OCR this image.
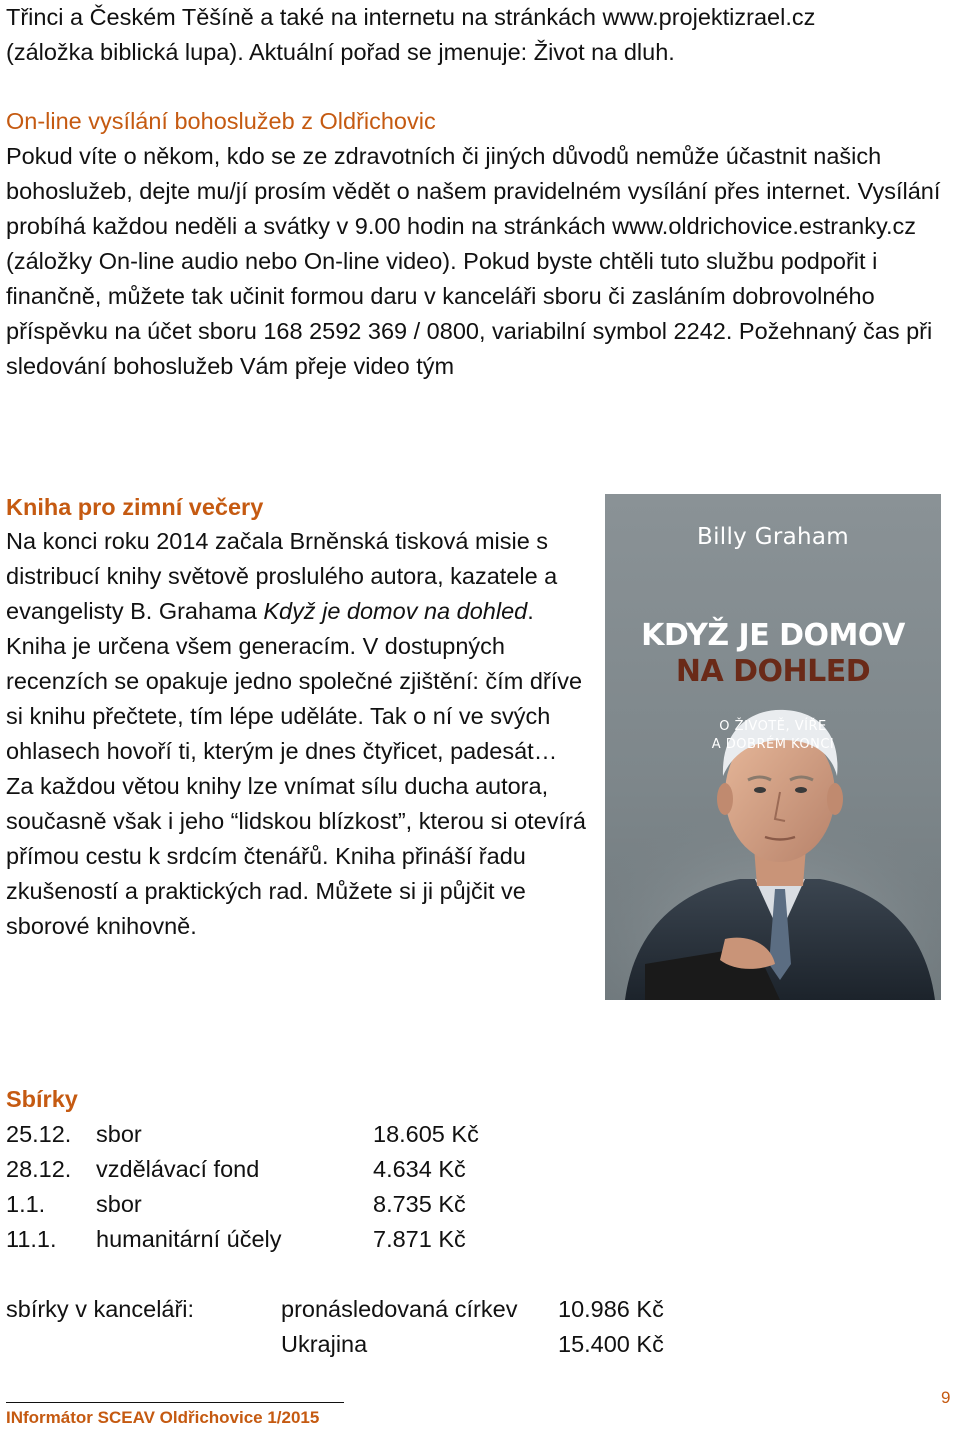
Třinci a Českém Těšíně a také na internetu na stránkách www.projektizrael.cz
(záložka biblická lupa). Aktuální pořad se jmenuje: Život na dluh.

On-line vysílání bohoslužeb z Oldřichovic

Pokud víte o někom, kdo se ze zdravotních či jiných důvodů nemůže účastnit našich bohoslužeb, dejte mu/jí prosím vědět o našem pravidelném vysílání přes internet. Vysílání probíhá každou neděli a svátky v 9.00 hodin na stránkách www.oldrichovice.estranky.cz (záložky On-line audio nebo On-line video). Pokud byste chtěli tuto službu podpořit i finančně, můžete tak učinit formou daru v kanceláři sboru či zasláním dobrovolného příspěvku na účet sboru 168 2592 369 / 0800, variabilní symbol 2242. Požehnaný čas při sledování bohoslužeb Vám přeje video tým

Kniha pro zimní večery

Na konci roku 2014 začala Brněnská tisková misie s distribucí knihy světově proslulého autora, kazatele a evangelisty B. Grahama Když je domov na dohled. Kniha je určena všem generacím. V dostupných recenzích se opakuje jedno společné zjištění: čím dříve si knihu přečtete, tím lépe uděláte. Tak o ní ve svých ohlasech hovoří ti, kterým je dnes čtyřicet, padesát… Za každou větou knihy lze vnímat sílu ducha autora, současně však i jeho “lidskou blízkost”, kterou si otevírá přímou cestu k srdcím čtenářů. Kniha přináší řadu zkušeností a praktických rad. Můžete si ji půjčit ve sborové knihovně.

Billy Graham
KDYŽ JE DOMOV
NA DOHLED
O ŽIVOTĚ, VÍŘE
A DOBRÉM KONCI

Sbírky

25.12. sbor	18.605 Kč
28.12. vzdělávací fond	4.634 Kč
1.1. sbor	8.735 Kč
11.1. humanitární účely	7.871 Kč
sbírky v kanceláři:	pronásledovaná církev 10.986 Kč
Ukrajina	15.400 Kč
INformátor SCEAV Oldřichovice 1/2015
9
